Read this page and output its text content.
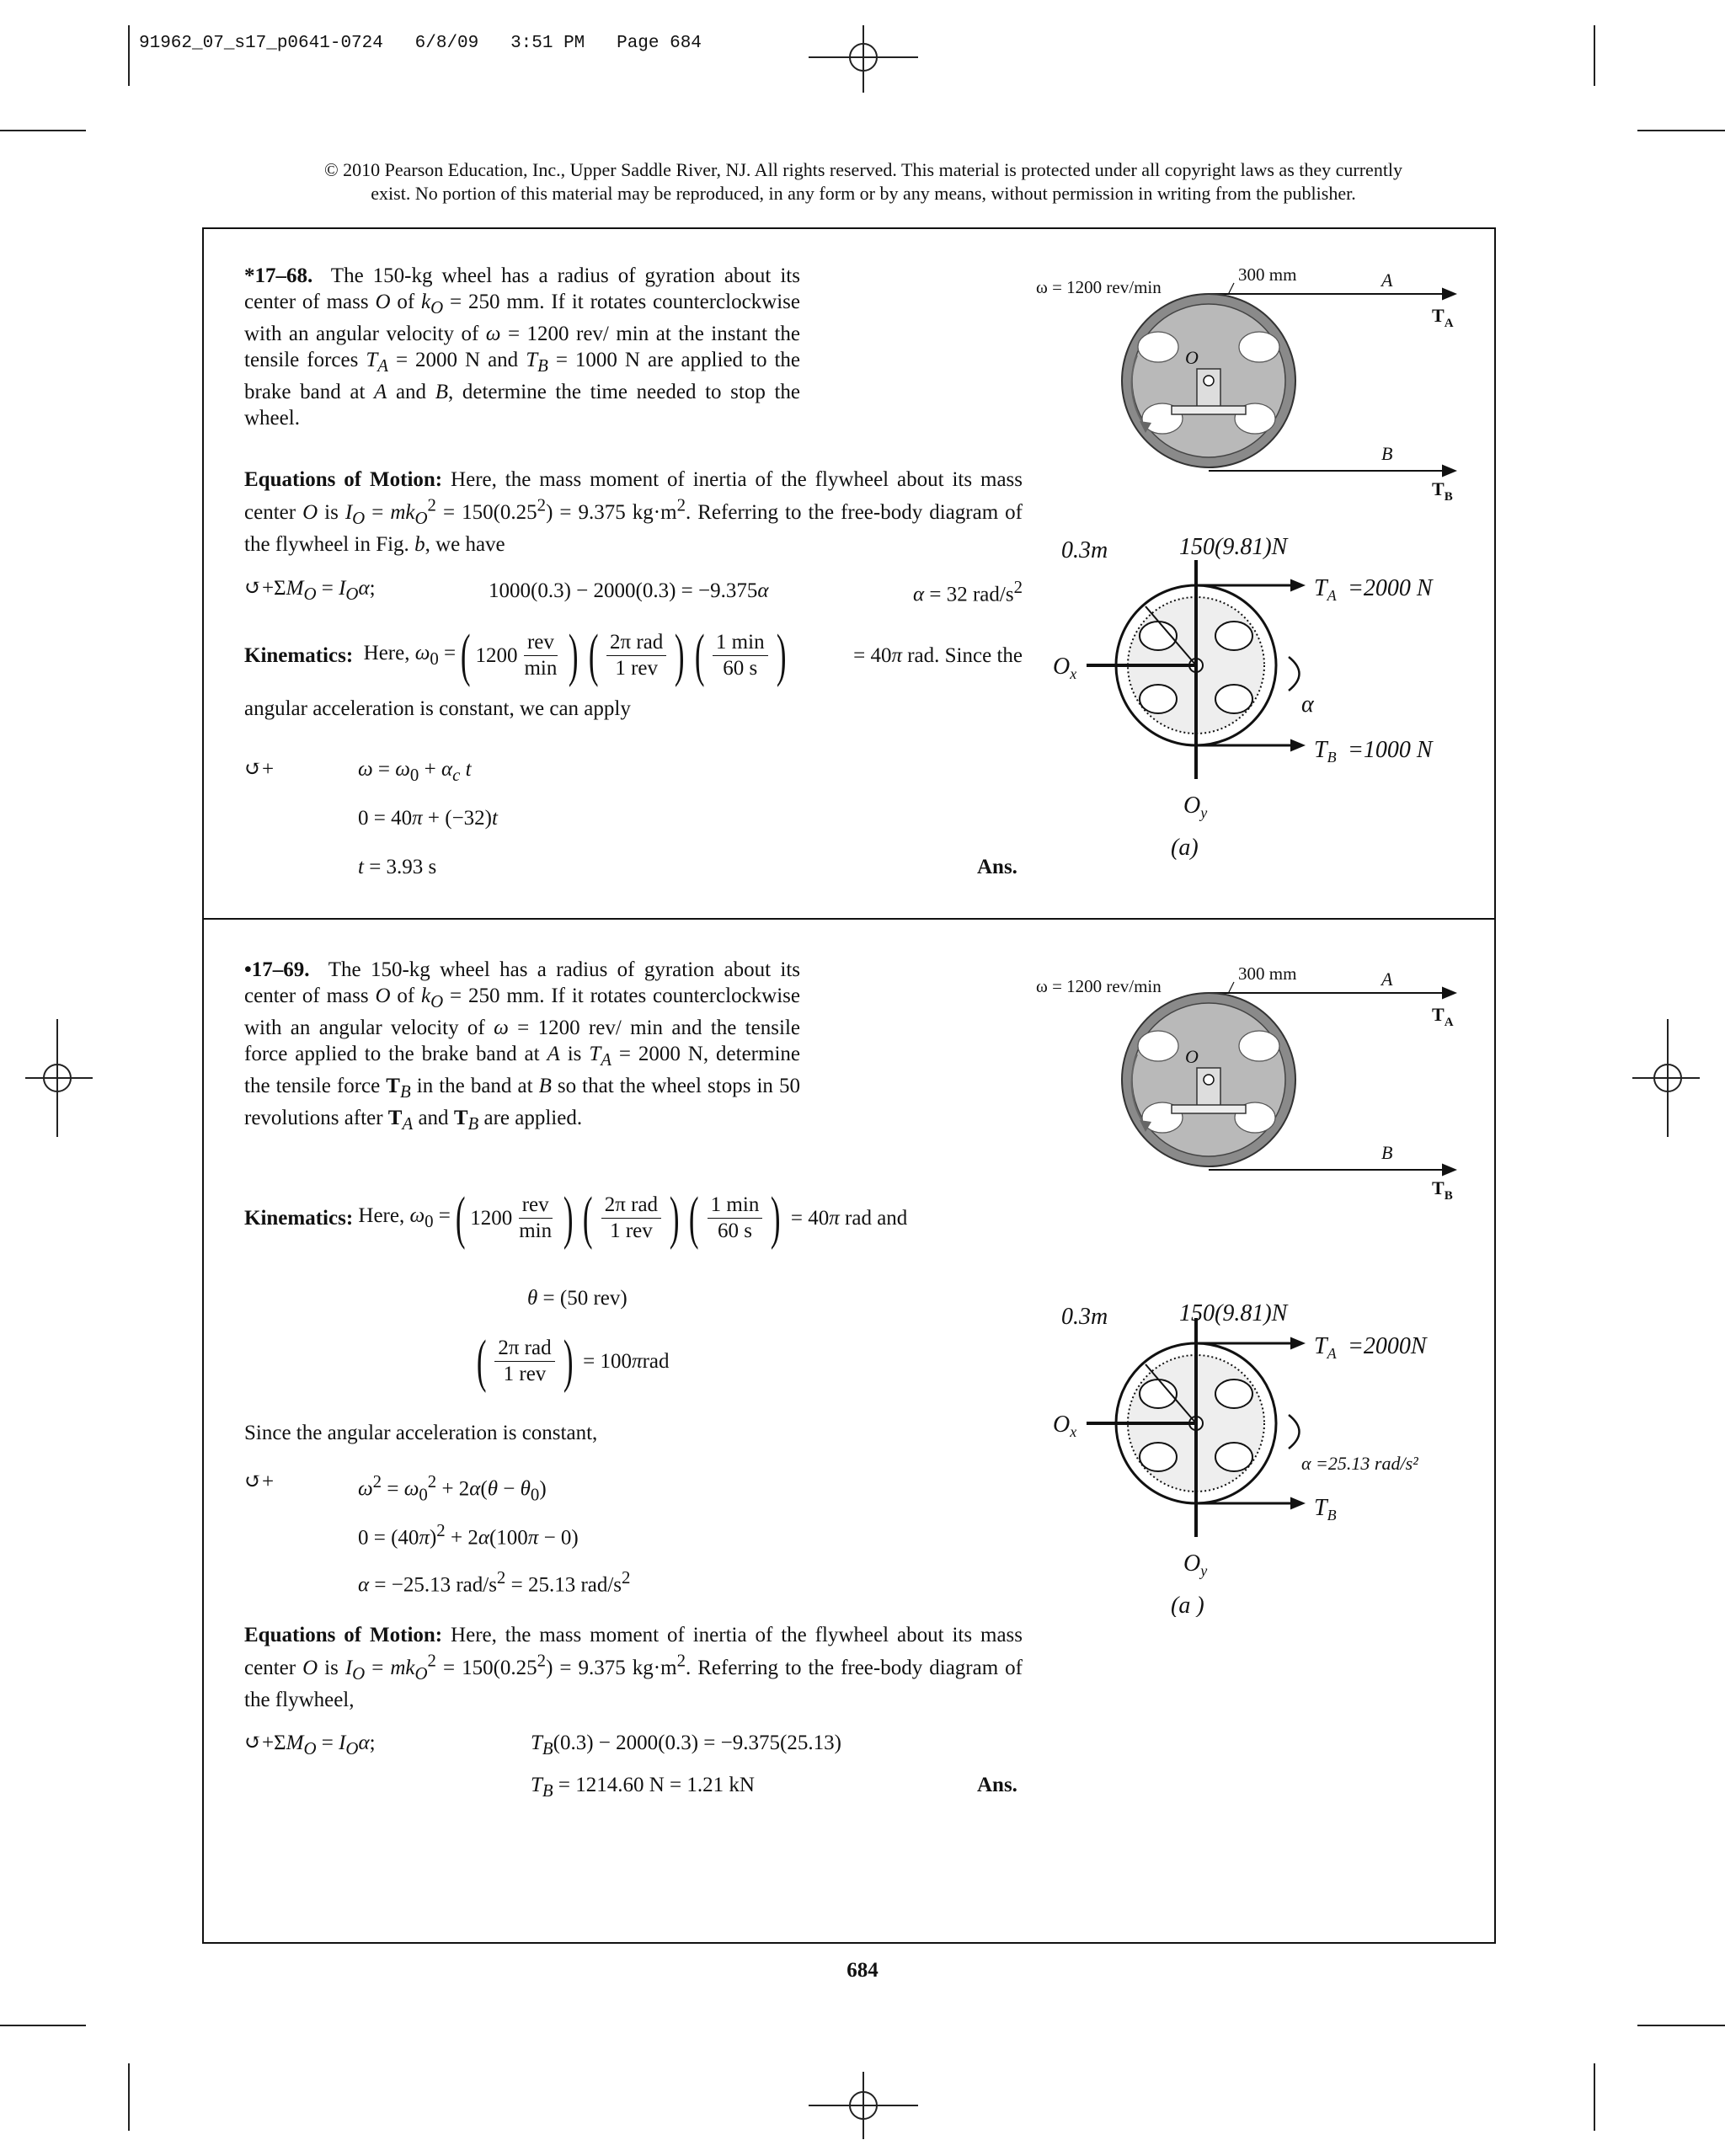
91962_07_s17_p0641-0724   6/8/09   3:51 PM   Page 684
© 2010 Pearson Education, Inc., Upper Saddle River, NJ. All rights reserved. This material is protected under all copyright laws as they currently
exist. No portion of this material may be reproduced, in any form or by any means, without permission in writing from the publisher.
*17–68. The 150-kg wheel has a radius of gyration about its center of mass O of $k_O = 250$ mm. If it rotates counterclockwise with an angular velocity of ω = 1200 rev/ min at the instant the tensile forces $T_A = 2000$ N and $T_B = 1000$ N are applied to the brake band at A and B, determine the time needed to stop the wheel.
Equations of Motion: Here, the mass moment of inertia of the flywheel about its mass center O is $I_O = mk_O^2 = 150(0.25^2) = 9.375$ $kg\cdot m^2$. Referring to the free-body diagram of the flywheel in Fig. b, we have
$↺+\Sigma M_O = I_O\alpha$;	1000(0.3) − 2000(0.3) = −9.375α	α = 32 rad/$s^2$
Kinematics:
Here, $\omega_0$ = ( $1200 \frac{\text{rev}}{\min}$ ) ( $\frac{\text{2π rad}}{\text{1 rev}}$ ) ( $\frac{1 \min}{60 s}$ )	= 40π rad. Since the
angular acceleration is constant, we can apply
↺+	$\omega = \omega_0 + \alpha_c$ t
0 = 40π + (−32)t
t = 3.93 s	Ans.
•17–69. The 150-kg wheel has a radius of gyration about its center of mass O of $k_O = 250$ mm. If it rotates counterclockwise with an angular velocity of ω = 1200 rev/ min and the tensile force applied to the brake band at A is $T_A = 2000$ N, determine the tensile force $T_B$ in the band at B so that the wheel stops in 50 revolutions after $T_A$ and $T_B$ are applied.
Kinematics:
Here, $\omega_0$ = ( $1200 \frac{\text{rev}}{\min}$ ) ( $\frac{\text{2π rad}}{\text{1 rev}}$ ) ( $\frac{1 \min}{60 s}$ )
= 40π rad and
θ = (50 rev)
( $\frac{\text{2π rad}}{\text{1 rev}}$ )
= 100πrad
Since the angular acceleration is constant,
↺+	$\omega^2 = \omega_0^2 + 2\alpha(\theta - \theta_0)$
$0 = (40\pi)^2 + 2\alpha(100\pi - 0)$
α = −25.13 rad/$s^2 = 25.13$ rad/$s^2$
Equations of Motion: Here, the mass moment of inertia of the flywheel about its mass center O is $I_O = mk_O^2 = 150(0.25^2) = 9.375$ $kg\cdot m^2$. Referring to the free-body diagram of the flywheel,
$↺+\Sigma M_O = I_O\alpha$;	$T_B(0.3) - 2000(0.3) = -9.375(25.13)$
$T_B = 1214.60$ N = 1.21 kN	Ans.
684
ω = 1200 rev/min
300 mm	A
B
O
$T_A$
$T_B$
ω = 1200 rev/min
300 mm	A
B
O
$T_A$
$T_B$
0.3m	150(9.81)N
$T_A =2000$ N
$T_B =1000$ N
$O_x$
$O_y$
α
(a)
0.3m	150(9.81)N
$T_A =2000N$
$T_B$
$O_x$
$O_y$
α =25.13 rad/s²
(a )
